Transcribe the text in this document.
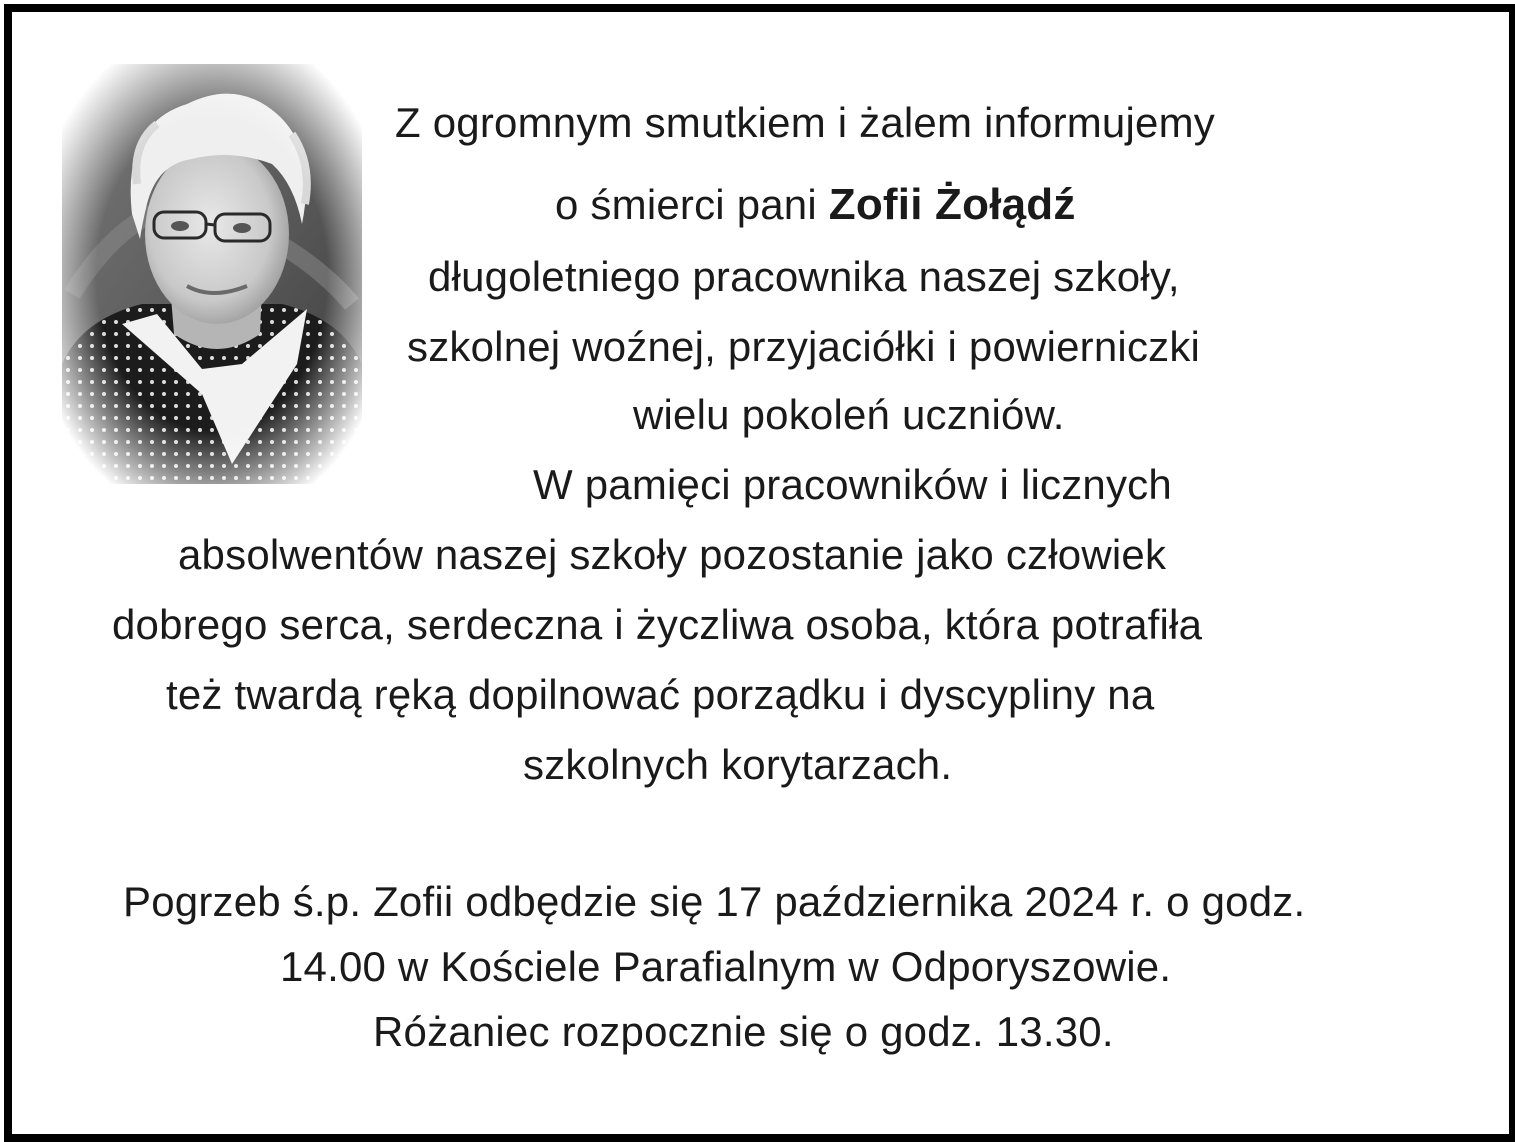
Z ogromnym smutkiem i żalem informujemy
o śmierci pani Zofii Żołądź
długoletniego pracownika naszej szkoły,
szkolnej woźnej, przyjaciółki i powierniczki
wielu pokoleń uczniów.
W pamięci pracowników i licznych
absolwentów naszej szkoły pozostanie jako człowiek
dobrego serca, serdeczna i życzliwa osoba, która potrafiła
też twardą ręką dopilnować porządku i dyscypliny na
szkolnych korytarzach.
Pogrzeb ś.p. Zofii odbędzie się 17 października 2024 r. o godz.
14.00 w Kościele Parafialnym w Odporyszowie.
Różaniec rozpocznie się o godz. 13.30.
